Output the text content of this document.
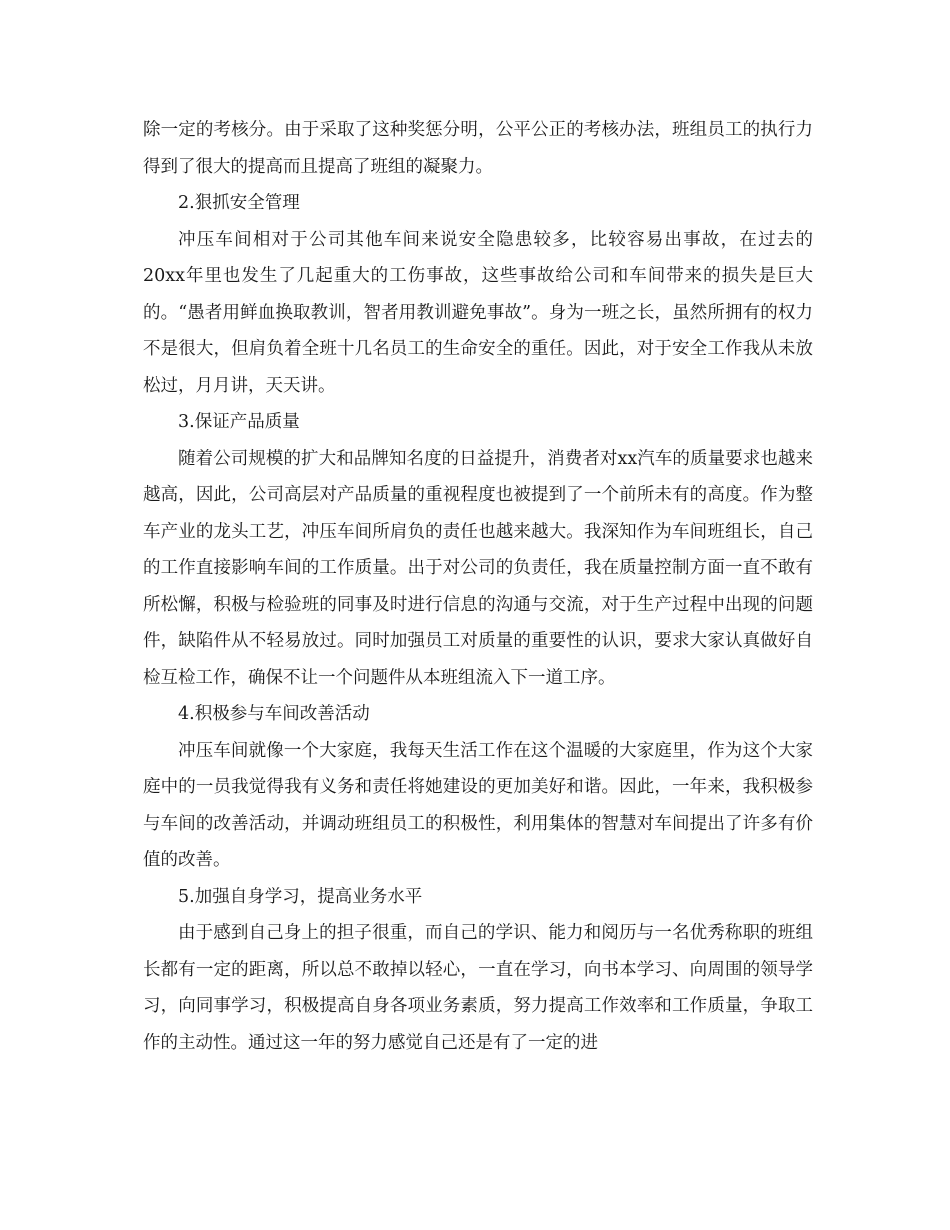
除一定的考核分。由于采取了这种奖惩分明，公平公正的考核办法，班组员工的执行力得到了很大的提高而且提高了班组的凝聚力。

2.狠抓安全管理

冲压车间相对于公司其他车间来说安全隐患较多，比较容易出事故，在过去的20xx年里也发生了几起重大的工伤事故，这些事故给公司和车间带来的损失是巨大的。“愚者用鲜血换取教训，智者用教训避免事故”。身为一班之长，虽然所拥有的权力不是很大，但肩负着全班十几名员工的生命安全的重任。因此，对于安全工作我从未放松过，月月讲，天天讲。

3.保证产品质量

随着公司规模的扩大和品牌知名度的日益提升，消费者对xx汽车的质量要求也越来越高，因此，公司高层对产品质量的重视程度也被提到了一个前所未有的高度。作为整车产业的龙头工艺，冲压车间所肩负的责任也越来越大。我深知作为车间班组长，自己的工作直接影响车间的工作质量。出于对公司的负责任，我在质量控制方面一直不敢有所松懈，积极与检验班的同事及时进行信息的沟通与交流，对于生产过程中出现的问题件，缺陷件从不轻易放过。同时加强员工对质量的重要性的认识，要求大家认真做好自检互检工作，确保不让一个问题件从本班组流入下一道工序。

4.积极参与车间改善活动

冲压车间就像一个大家庭，我每天生活工作在这个温暖的大家庭里，作为这个大家庭中的一员我觉得我有义务和责任将她建设的更加美好和谐。因此，一年来，我积极参与车间的改善活动，并调动班组员工的积极性，利用集体的智慧对车间提出了许多有价值的改善。

5.加强自身学习，提高业务水平

由于感到自己身上的担子很重，而自己的学识、能力和阅历与一名优秀称职的班组长都有一定的距离，所以总不敢掉以轻心，一直在学习，向书本学习、向周围的领导学习，向同事学习，积极提高自身各项业务素质，努力提高工作效率和工作质量，争取工作的主动性。通过这一年的努力感觉自己还是有了一定的进
